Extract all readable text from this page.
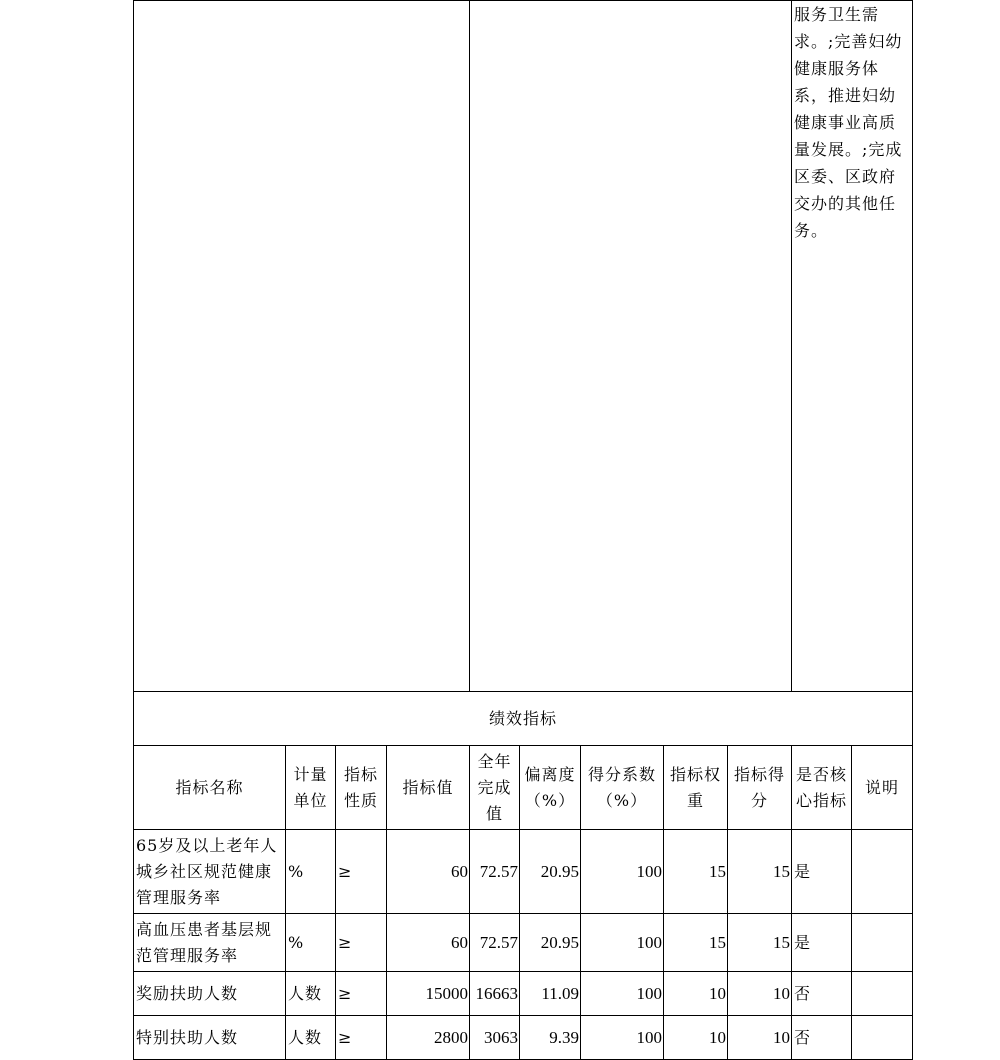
									服务卫生需求。;完善妇幼健康服务体系，推进妇幼健康事业高质量发展。;完成区委、区政府交办的其他任务。	
绩效指标										
指标名称	计量单位	指标性质	指标值	全年完成值	偏离度（%）	得分系数（%）	指标权重	指标得分	是否核心指标	说明
65岁及以上老年人城乡社区规范健康管理服务率	%	≥	60	72.57	20.95	100	15	15	是	
高血压患者基层规范管理服务率	%	≥	60	72.57	20.95	100	15	15	是	
奖励扶助人数	人数	≥	15000	16663	11.09	100	10	10	否	
特别扶助人数	人数	≥	2800	3063	9.39	100	10	10	否	
